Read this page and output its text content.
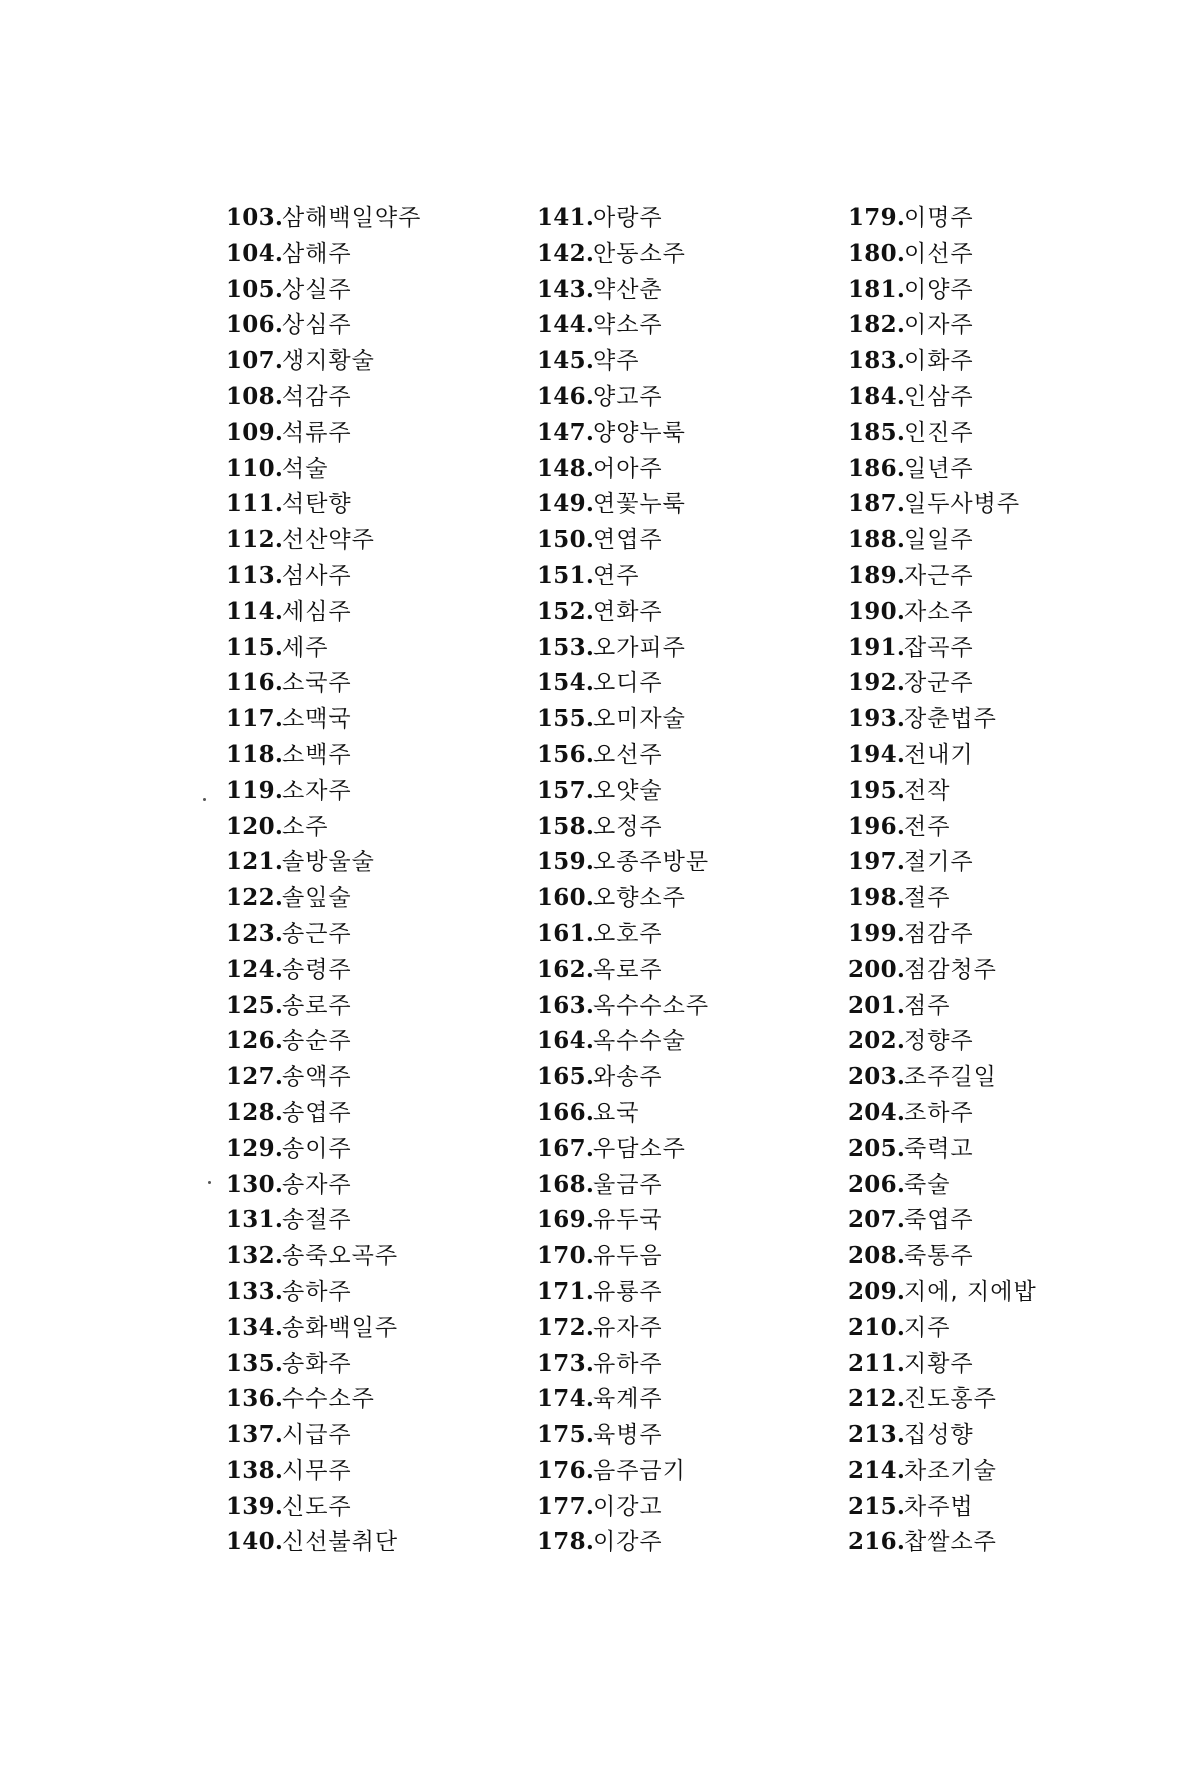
103.
삼해백일약주
104.
삼해주
105.
상실주
106.
상심주
107.
생지황술
108.
석감주
109.
석류주
110.
석술
111.
석탄향
112.
선산약주
113.
섬사주
114.
세심주
115.
세주
116.
소국주
117.
소맥국
118.
소백주
119.
소자주
120.
소주
121.
솔방울술
122.
솔잎술
123.
송근주
124.
송령주
125.
송로주
126.
송순주
127.
송액주
128.
송엽주
129.
송이주
130.
송자주
131.
송절주
132.
송죽오곡주
133.
송하주
134.
송화백일주
135.
송화주
136.
수수소주
137.
시급주
138.
시무주
139.
신도주
140.
신선불취단
141.
아랑주
142.
안동소주
143.
약산춘
144.
약소주
145.
약주
146.
양고주
147.
양양누룩
148.
어아주
149.
연꽃누룩
150.
연엽주
151.
연주
152.
연화주
153.
오가피주
154.
오디주
155.
오미자술
156.
오선주
157.
오얏술
158.
오정주
159.
오종주방문
160.
오향소주
161.
오호주
162.
옥로주
163.
옥수수소주
164.
옥수수술
165.
와송주
166.
요국
167.
우담소주
168.
울금주
169.
유두국
170.
유두음
171.
유룡주
172.
유자주
173.
유하주
174.
육계주
175.
육병주
176.
음주금기
177.
이강고
178.
이강주
179.
이명주
180.
이선주
181.
이양주
182.
이자주
183.
이화주
184.
인삼주
185.
인진주
186.
일년주
187.
일두사병주
188.
일일주
189.
자근주
190.
자소주
191.
잡곡주
192.
장군주
193.
장춘법주
194.
전내기
195.
전작
196.
전주
197.
절기주
198.
절주
199.
점감주
200.
점감청주
201.
점주
202.
정향주
203.
조주길일
204.
조하주
205.
죽력고
206.
죽술
207.
죽엽주
208.
죽통주
209.
지에, 지에밥
210.
지주
211.
지황주
212.
진도홍주
213.
집성향
214.
차조기술
215.
차주법
216.
찹쌀소주
